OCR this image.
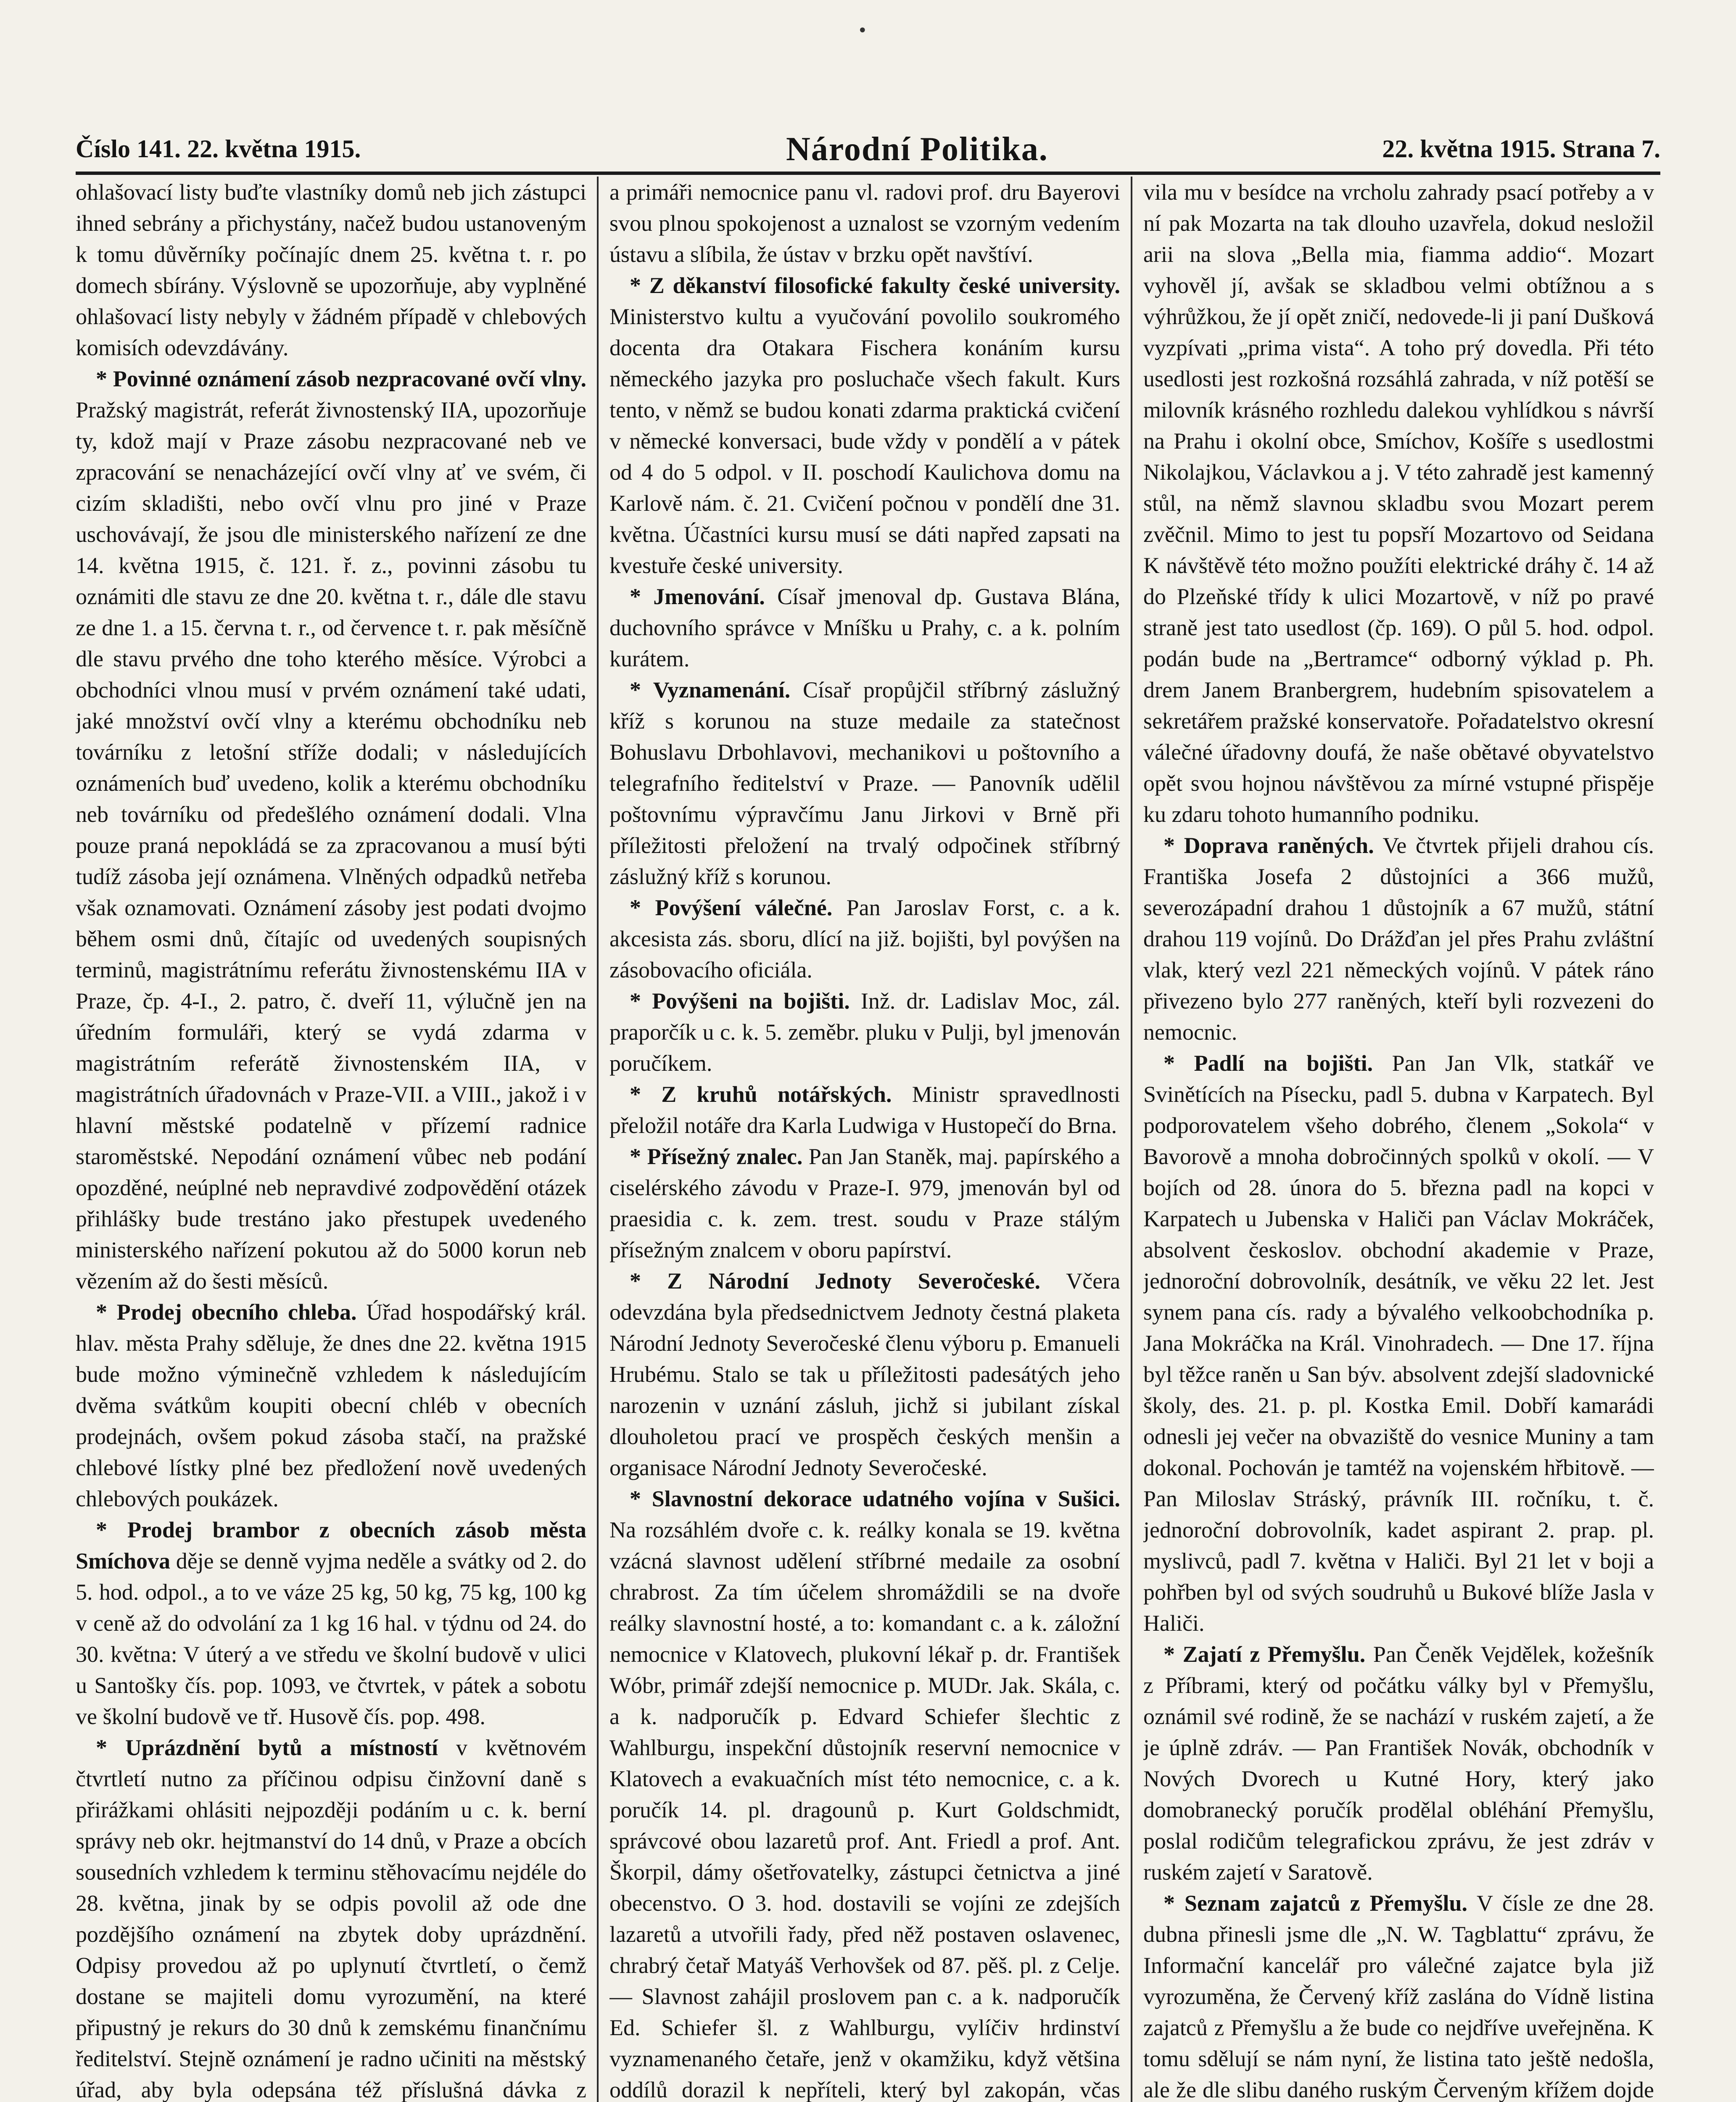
Číslo 141. 22. května 1915.	Národní Politika.	22. května 1915. Strana 7.
•

ohlašovací listy buďte vlastníky domů neb jich zástupci ihned sebrány a přichystány, načež budou ustanoveným k tomu důvěrníky počínajíc dnem 25. května t. r. po domech sbírány. Výslovně se upozorňuje, aby vyplněné ohlašovací listy nebyly v žádném případě v chlebových komisích odevzdávány.

* Povinné oznámení zásob nezpracované ovčí vlny. Pražský magistrát, referát živnostenský IIA, upozorňuje ty, kdož mají v Praze zásobu nezpracované neb ve zpracování se nenacházející ovčí vlny ať ve svém, či cizím skladišti, nebo ovčí vlnu pro jiné v Praze uschovávají, že jsou dle ministerského nařízení ze dne 14. května 1915, č. 121. ř. z., povinni zásobu tu oznámiti dle stavu ze dne 20. května t. r., dále dle stavu ze dne 1. a 15. června t. r., od července t. r. pak měsíčně dle stavu prvého dne toho kterého měsíce. Výrobci a obchodníci vlnou musí v prvém oznámení také udati, jaké množství ovčí vlny a kterému obchodníku neb továrníku z letošní stříže dodali; v následujících oznámeních buď uvedeno, kolik a kterému obchodníku neb továrníku od předešlého oznámení dodali. Vlna pouze praná nepokládá se za zpracovanou a musí býti tudíž zásoba její oznámena. Vlněných odpadků netřeba však oznamovati. Oznámení zásoby jest podati dvojmo během osmi dnů, čítajíc od uvedených soupisných terminů, magistrátnímu referátu živnostenskému IIA v Praze, čp. 4-I., 2. patro, č. dveří 11, výlučně jen na úředním formuláři, který se vydá zdarma v magistrátním referátě živnostenském IIA, v magistrátních úřadovnách v Praze-VII. a VIII., jakož i v hlavní městské podatelně v přízemí radnice staroměstské. Nepodání oznámení vůbec neb podání opozděné, neúplné neb nepravdivé zodpovědění otázek přihlášky bude trestáno jako přestupek uvedeného ministerského nařízení pokutou až do 5000 korun neb vězením až do šesti měsíců.

* Prodej obecního chleba. Úřad hospodářský král. hlav. města Prahy sděluje, že dnes dne 22. května 1915 bude možno výminečně vzhledem k následujícím dvěma svátkům koupiti obecní chléb v obecních prodejnách, ovšem pokud zásoba stačí, na pražské chlebové lístky plné bez předložení nově uvedených chlebových poukázek.

* Prodej brambor z obecních zásob města Smíchova děje se denně vyjma neděle a svátky od 2. do 5. hod. odpol., a to ve váze 25 kg, 50 kg, 75 kg, 100 kg v ceně až do odvolání za 1 kg 16 hal. v týdnu od 24. do 30. května: V úterý a ve středu ve školní budově v ulici u Santošky čís. pop. 1093, ve čtvrtek, v pátek a sobotu ve školní budově ve tř. Husově čís. pop. 498.

* Uprázdnění bytů a místností v květnovém čtvrtletí nutno za příčinou odpisu činžovní daně s přirážkami ohlásiti nejpozději podáním u c. k. berní správy neb okr. hejtmanství do 14 dnů, v Praze a obcích sousedních vzhledem k terminu stěhovacímu nejdéle do 28. května, jinak by se odpis povolil až ode dne pozdějšího oznámení na zbytek doby uprázdnění. Odpisy provedou až po uplynutí čtvrtletí, o čemž dostane se majiteli domu vyrozumění, na které připustný je rekurs do 30 dnů k zemskému finančnímu ředitelství. Stejně oznámení je radno učiniti na městský úřad, aby byla odepsána též příslušná dávka z

a primáři nemocnice panu vl. radovi prof. dru Bayerovi svou plnou spokojenost a uznalost se vzorným vedením ústavu a slíbila, že ústav v brzku opět navštíví.

* Z děkanství filosofické fakulty české university. Ministerstvo kultu a vyučování povolilo soukromého docenta dra Otakara Fischera konáním kursu německého jazyka pro posluchače všech fakult. Kurs tento, v němž se budou konati zdarma praktická cvičení v německé konversaci, bude vždy v pondělí a v pátek od 4 do 5 odpol. v II. poschodí Kaulichova domu na Karlově nám. č. 21. Cvičení počnou v pondělí dne 31. května. Účastníci kursu musí se dáti napřed zapsati na kvestuře české university.

* Jmenování. Císař jmenoval dp. Gustava Blána, duchovního správce v Mníšku u Prahy, c. a k. polním kurátem.

* Vyznamenání. Císař propůjčil stříbrný záslužný kříž s korunou na stuze medaile za statečnost Bohuslavu Drbohlavovi, mechanikovi u poštovního a telegrafního ředitelství v Praze. — Panovník udělil poštovnímu výpravčímu Janu Jirkovi v Brně při příležitosti přeložení na trvalý odpočinek stříbrný záslužný kříž s korunou.

* Povýšení válečné. Pan Jaroslav Forst, c. a k. akcesista zás. sboru, dlící na již. bojišti, byl povýšen na zásobovacího oficiála.

* Povýšeni na bojišti. Inž. dr. Ladislav Moc, zál. praporčík u c. k. 5. zeměbr. pluku v Pulji, byl jmenován poručíkem.

* Z kruhů notářských. Ministr spravedlnosti přeložil notáře dra Karla Ludwiga v Hustopečí do Brna.

* Přísežný znalec. Pan Jan Staněk, maj. papírského a ciselérského závodu v Praze-I. 979, jmenován byl od praesidia c. k. zem. trest. soudu v Praze stálým přísežným znalcem v oboru papírství.

* Z Národní Jednoty Severočeské. Včera odevzdána byla předsednictvem Jednoty čestná plaketa Národní Jednoty Severočeské členu výboru p. Emanueli Hrubému. Stalo se tak u příležitosti padesátých jeho narozenin v uznání zásluh, jichž si jubilant získal dlouholetou prací ve prospěch českých menšin a organisace Národní Jednoty Severočeské.

* Slavnostní dekorace udatného vojína v Sušici. Na rozsáhlém dvoře c. k. reálky konala se 19. května vzácná slavnost udělení stříbrné medaile za osobní chrabrost. Za tím účelem shromáždili se na dvoře reálky slavnostní hosté, a to: komandant c. a k. záložní nemocnice v Klatovech, plukovní lékař p. dr. František Wóbr, primář zdejší nemocnice p. MUDr. Jak. Skála, c. a k. nadporučík p. Edvard Schiefer šlechtic z Wahlburgu, inspekční důstojník reservní nemocnice v Klatovech a evakuačních míst této nemocnice, c. a k. poručík 14. pl. dragounů p. Kurt Goldschmidt, správcové obou lazaretů prof. Ant. Friedl a prof. Ant. Škorpil, dámy ošetřovatelky, zástupci četnictva a jiné obecenstvo. O 3. hod. dostavili se vojíni ze zdejších lazaretů a utvořili řady, před něž postaven oslavenec, chrabrý četař Matyáš Verhovšek od 87. pěš. pl. z Celje. — Slavnost zahájil proslovem pan c. a k. nadporučík Ed. Schiefer šl. z Wahlburgu, vylíčiv hrdinství vyznamenaného četaře, jenž v okamžiku, když většina oddílů dorazil k nepříteli, který byl zakopán, včas

vila mu v besídce na vrcholu zahrady psací potřeby a v ní pak Mozarta na tak dlouho uzavřela, dokud nesložil arii na slova „Bella mia, fiamma addio“. Mozart vyhověl jí, avšak se skladbou velmi obtížnou a s výhrůžkou, že jí opět zničí, nedovede-li ji paní Dušková vyzpívati „prima vista“. A toho prý dovedla. Při této usedlosti jest rozkošná rozsáhlá zahrada, v níž potěší se milovník krásného rozhledu dalekou vyhlídkou s návrší na Prahu i okolní obce, Smíchov, Košíře s usedlostmi Nikolajkou, Václavkou a j. V této zahradě jest kamenný stůl, na němž slavnou skladbu svou Mozart perem zvěčnil. Mimo to jest tu popsří Mozartovo od Seidana K návštěvě této možno použíti elektrické dráhy č. 14 až do Plzeňské třídy k ulici Mozartově, v níž po pravé straně jest tato usedlost (čp. 169). O půl 5. hod. odpol. podán bude na „Bertramce“ odborný výklad p. Ph. drem Janem Branbergrem, hudebním spisovatelem a sekretářem pražské konservatoře. Pořadatelstvo okresní válečné úřadovny doufá, že naše obětavé obyvatelstvo opět svou hojnou návštěvou za mírné vstupné přispěje ku zdaru tohoto humanního podniku.

* Doprava raněných. Ve čtvrtek přijeli drahou cís. Františka Josefa 2 důstojníci a 366 mužů, severozápadní drahou 1 důstojník a 67 mužů, státní drahou 119 vojínů. Do Drážďan jel přes Prahu zvláštní vlak, který vezl 221 německých vojínů. V pátek ráno přivezeno bylo 277 raněných, kteří byli rozvezeni do nemocnic.

* Padlí na bojišti. Pan Jan Vlk, statkář ve Svinětících na Písecku, padl 5. dubna v Karpatech. Byl podporovatelem všeho dobrého, členem „Sokola“ v Bavorově a mnoha dobročinných spolků v okolí. — V bojích od 28. února do 5. března padl na kopci v Karpatech u Jubenska v Haliči pan Václav Mokráček, absolvent českoslov. obchodní akademie v Praze, jednoroční dobrovolník, desátník, ve věku 22 let. Jest synem pana cís. rady a bývalého velkoobchodníka p. Jana Mokráčka na Král. Vinohradech. — Dne 17. října byl těžce raněn u San býv. absolvent zdejší sladovnické školy, des. 21. p. pl. Kostka Emil. Dobří kamarádi odnesli jej večer na obvaziště do vesnice Muniny a tam dokonal. Pochován je tamtéž na vojenském hřbitově. — Pan Miloslav Stráský, právník III. ročníku, t. č. jednoroční dobrovolník, kadet aspirant 2. prap. pl. myslivců, padl 7. května v Haliči. Byl 21 let v boji a pohřben byl od svých soudruhů u Bukové blíže Jasla v Haliči.

* Zajatí z Přemyšlu. Pan Čeněk Vejdělek, kožešník z Příbrami, který od počátku války byl v Přemyšlu, oznámil své rodině, že se nachází v ruském zajetí, a že je úplně zdráv. — Pan František Novák, obchodník v Nových Dvorech u Kutné Hory, který jako domobranecký poručík prodělal obléhání Přemyšlu, poslal rodičům telegrafickou zprávu, že jest zdráv v ruském zajetí v Saratově.

* Seznam zajatců z Přemyšlu. V čísle ze dne 28. dubna přinesli jsme dle „N. W. Tagblattu“ zprávu, že Informační kancelář pro válečné zajatce byla již vyrozuměna, že Červený kříž zaslána do Vídně listina zajatců z Přemyšlu a že bude co nejdříve uveřejněna. K tomu sdělují se nám nyní, že listina tato ještě nedošla, ale že dle slibu daného ruským Červeným křížem dojde
